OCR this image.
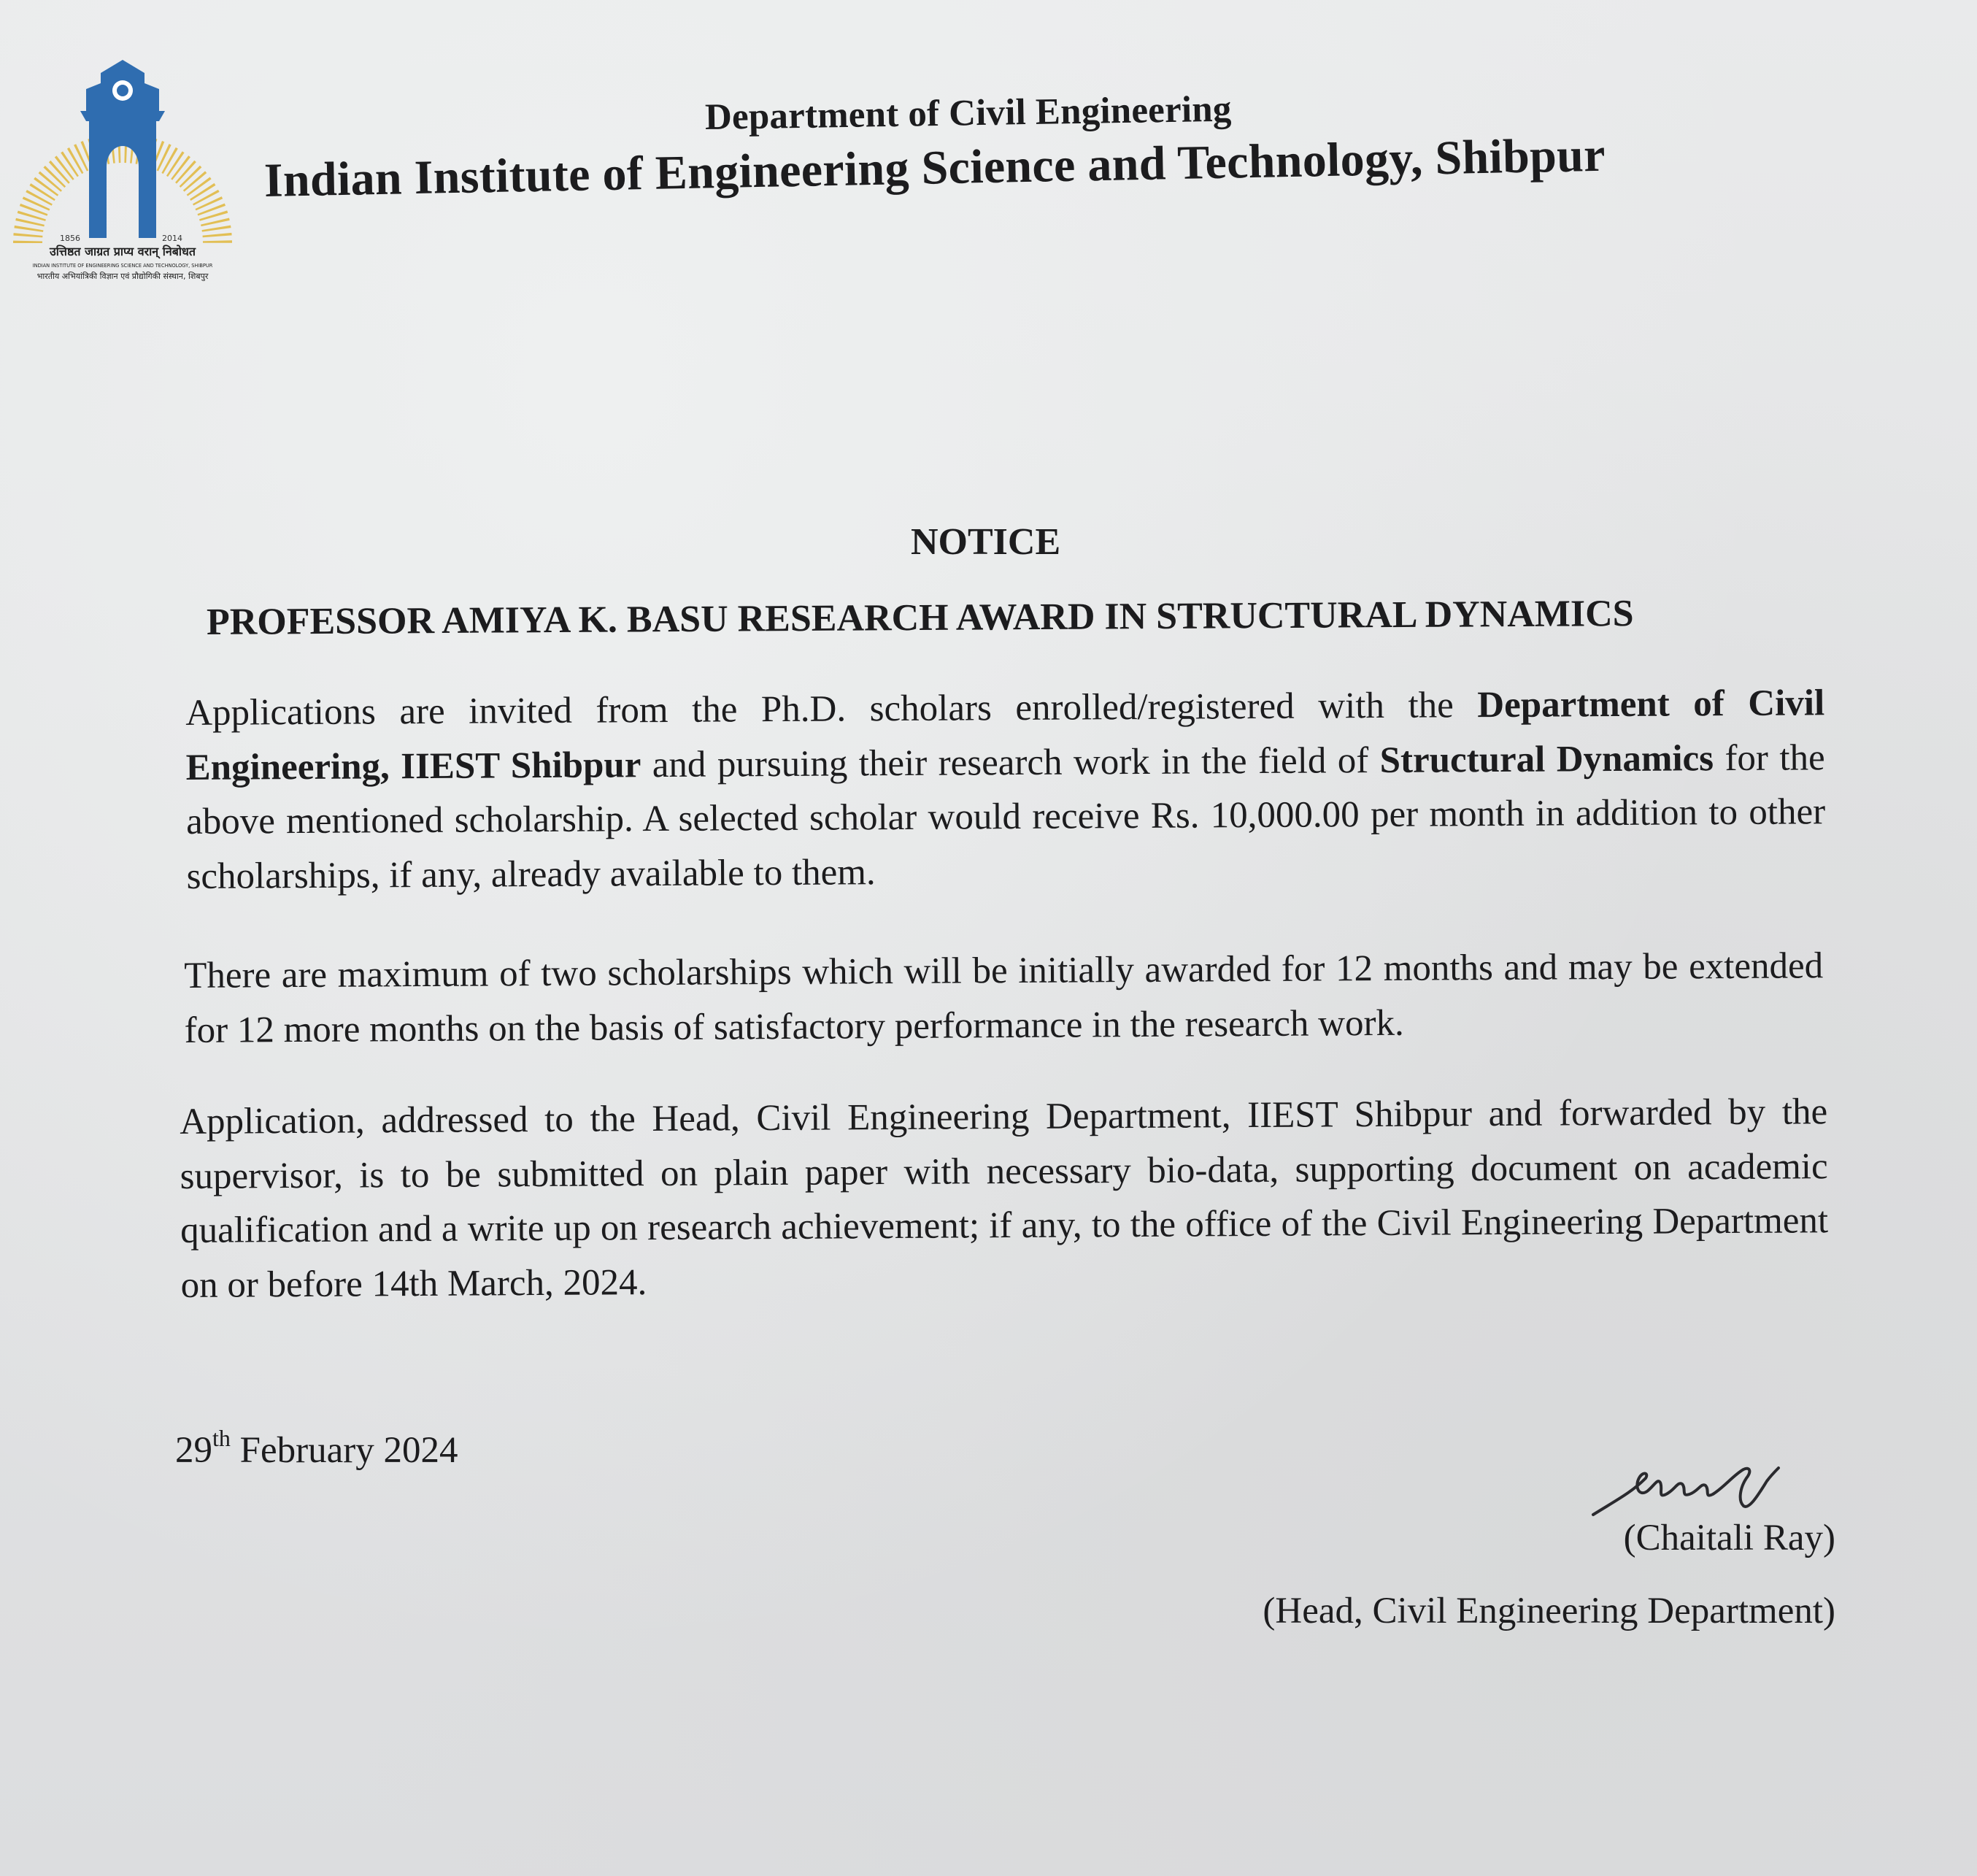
1856	2014
उत्तिष्ठत जाग्रत प्राप्य वरान् निबोधत
INDIAN INSTITUTE OF ENGINEERING SCIENCE AND TECHNOLOGY, SHIBPUR
भारतीय अभियांत्रिकी विज्ञान एवं प्रौद्योगिकी संस्थान, शिबपुर
Department of Civil Engineering
Indian Institute of Engineering Science and Technology, Shibpur
NOTICE
PROFESSOR AMIYA K. BASU RESEARCH AWARD IN STRUCTURAL DYNAMICS
Applications are invited from the Ph.D. scholars enrolled/registered with the Department of Civil Engineering, IIEST Shibpur and pursuing their research work in the field of Structural Dynamics for the above mentioned scholarship. A selected scholar would receive Rs. 10,000.00 per month in addition to other scholarships, if any, already available to them.
There are maximum of two scholarships which will be initially awarded for 12 months and may be extended for 12 more months on the basis of satisfactory performance in the research work.
Application, addressed to the Head, Civil Engineering Department, IIEST Shibpur and forwarded by the supervisor, is to be submitted on plain paper with necessary bio-data, supporting document on academic qualification and a write up on research achievement; if any, to the office of the Civil Engineering Department on or before 14th March, 2024.
29th February 2024
(Chaitali Ray)
(Head, Civil Engineering Department)
